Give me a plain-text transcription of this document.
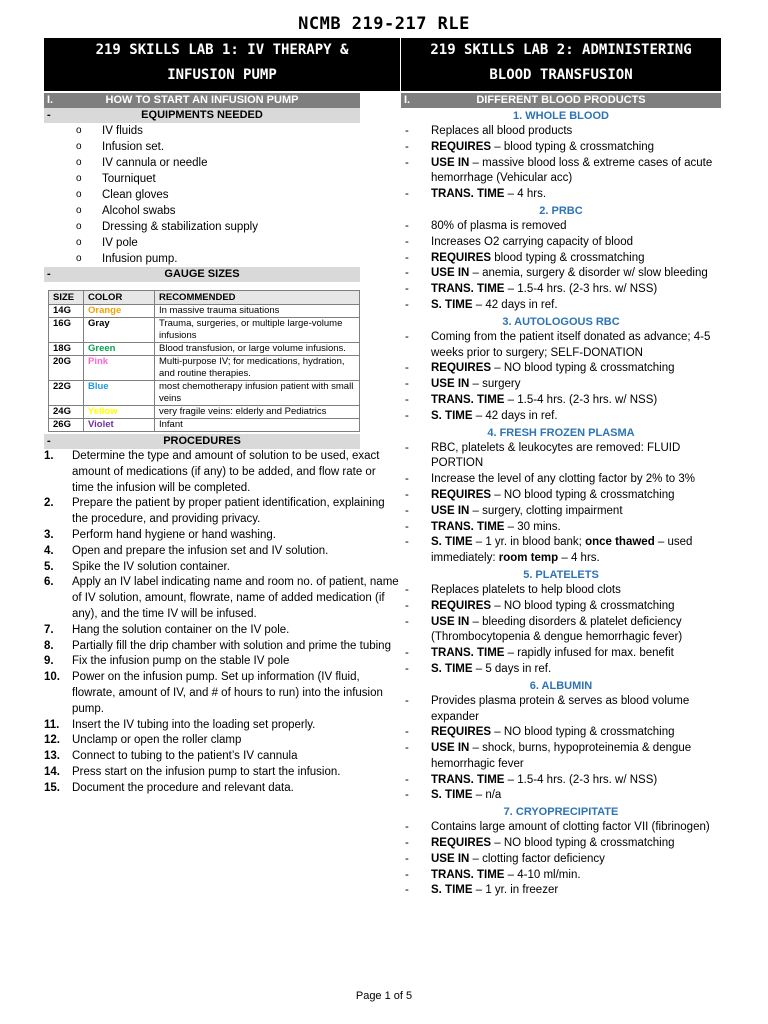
NCMB 219-217 RLE
219 SKILLS LAB 1: IV THERAPY &
INFUSION PUMP
I.	HOW TO START AN INFUSION PUMP
-	EQUIPMENTS NEEDED
o IV fluids
o Infusion set.
o IV cannula or needle
o Tourniquet
o Clean gloves
o Alcohol swabs
o Dressing & stabilization supply
o IV pole
o Infusion pump.
-	GAUGE SIZES
SIZE	COLOR	RECOMMENDED
14G	Orange	In massive trauma situations
16G	Gray	Trauma, surgeries, or multiple large-volume infusions
18G	Green	Blood transfusion, or large volume infusions.
20G	Pink	Multi-purpose IV; for medications, hydration, and routine therapies.
22G	Blue	most chemotherapy infusion patient with small veins
24G	Yellow	very fragile veins: elderly and Pediatrics
26G	Violet	Infant
-	PROCEDURES
1.	Determine the type and amount of solution to be used, exact amount of medications (if any) to be added, and flow rate or time the infusion will be completed.
2.	Prepare the patient by proper patient identification, explaining the procedure, and providing privacy.
3.	Perform hand hygiene or hand washing.
4.	Open and prepare the infusion set and IV solution.
5.	Spike the IV solution container.
6.	Apply an IV label indicating name and room no. of patient, name of IV solution, amount, flowrate, name of added medication (if any), and the time IV will be infused.
7.	Hang the solution container on the IV pole.
8.	Partially fill the drip chamber with solution and prime the tubing
9.	Fix the infusion pump on the stable IV pole
10.	Power on the infusion pump. Set up information (IV fluid, flowrate, amount of IV, and # of hours to run) into the infusion pump.
11.	Insert the IV tubing into the loading set properly.
12.	Unclamp or open the roller clamp
13.	Connect to tubing to the patient’s IV cannula
14.	Press start on the infusion pump to start the infusion.
15.	Document the procedure and relevant data.
219 SKILLS LAB 2: ADMINISTERING
BLOOD TRANSFUSION
I.	DIFFERENT BLOOD PRODUCTS
1. WHOLE BLOOD
- Replaces all blood products
- REQUIRES – blood typing & crossmatching
- USE IN – massive blood loss & extreme cases of acute hemorrhage (Vehicular acc)
- TRANS. TIME – 4 hrs.
2. PRBC
- 80% of plasma is removed
- Increases O2 carrying capacity of blood
- REQUIRES blood typing & crossmatching
- USE IN – anemia, surgery & disorder w/ slow bleeding
- TRANS. TIME – 1.5-4 hrs. (2-3 hrs. w/ NSS)
- S. TIME – 42 days in ref.
3. AUTOLOGOUS RBC
- Coming from the patient itself donated as advance; 4-5 weeks prior to surgery; SELF-DONATION
- REQUIRES – NO blood typing & crossmatching
- USE IN – surgery
- TRANS. TIME – 1.5-4 hrs. (2-3 hrs. w/ NSS)
- S. TIME – 42 days in ref.
4. FRESH FROZEN PLASMA
- RBC, platelets & leukocytes are removed: FLUID PORTION
- Increase the level of any clotting factor by 2% to 3%
- REQUIRES – NO blood typing & crossmatching
- USE IN – surgery, clotting impairment
- TRANS. TIME – 30 mins.
- S. TIME – 1 yr. in blood bank; once thawed – used immediately: room temp – 4 hrs.
5. PLATELETS
- Replaces platelets to help blood clots
- REQUIRES – NO blood typing & crossmatching
- USE IN – bleeding disorders & platelet deficiency (Thrombocytopenia & dengue hemorrhagic fever)
- TRANS. TIME – rapidly infused for max. benefit
- S. TIME – 5 days in ref.
6. ALBUMIN
- Provides plasma protein & serves as blood volume expander
- REQUIRES – NO blood typing & crossmatching
- USE IN – shock, burns, hypoproteinemia & dengue hemorrhagic fever
- TRANS. TIME – 1.5-4 hrs. (2-3 hrs. w/ NSS)
- S. TIME – n/a
7. CRYOPRECIPITATE
- Contains large amount of clotting factor VII (fibrinogen)
- REQUIRES – NO blood typing & crossmatching
- USE IN – clotting factor deficiency
- TRANS. TIME – 4-10 ml/min.
- S. TIME – 1 yr. in freezer
Page 1 of 5
